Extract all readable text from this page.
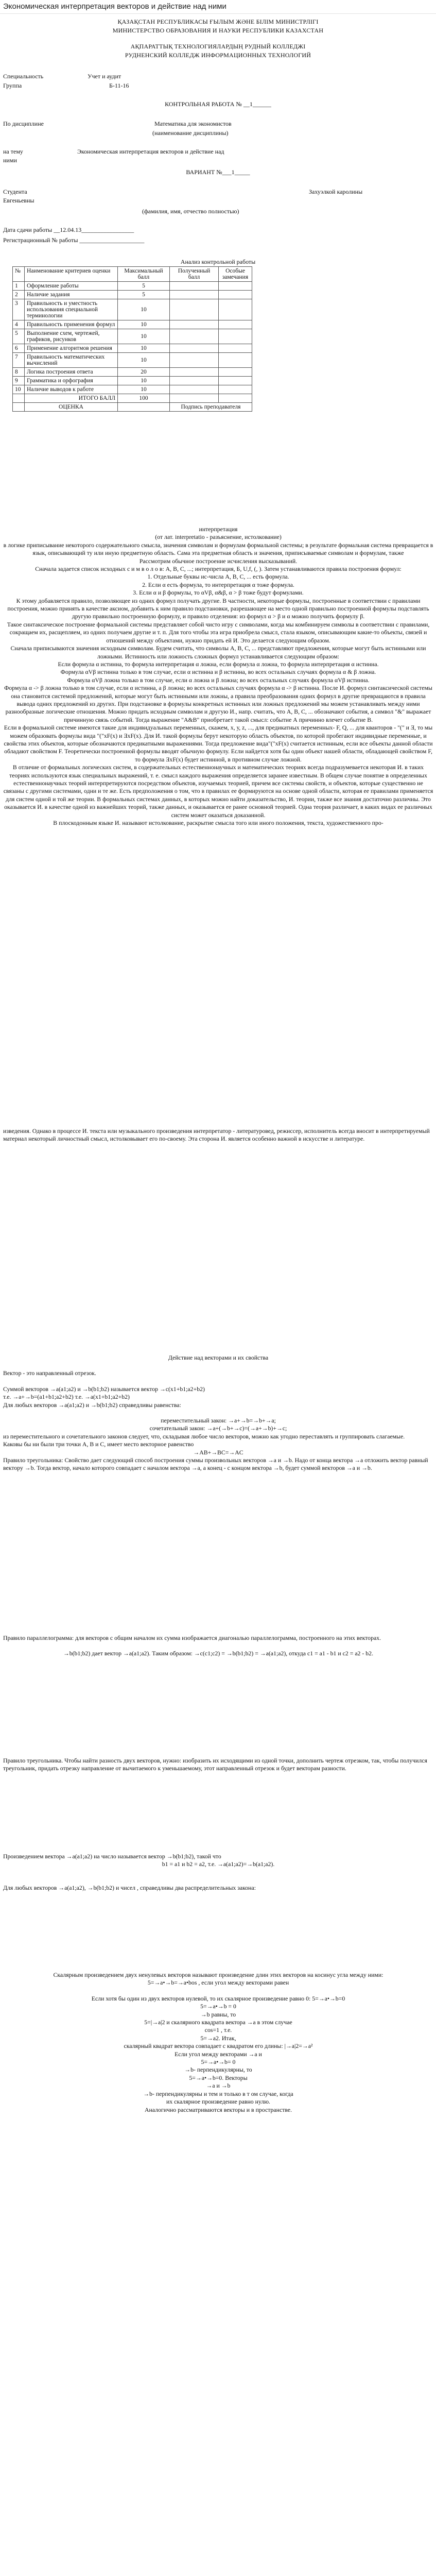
Экономическая интерпретация векторов и действие над ними
ҚАЗАҚСТАН РЕСПУБЛИКАСЫ ҒЫЛЫМ ЖӘНЕ БІЛІМ МИНИСТРЛІГІ
МИНИСТЕРСТВО ОБРАЗОВАНИЯ И НАУКИ РЕСПУБЛИКИ КАЗАХСТАН
АҚПАРАТТЫҚ ТЕХНОЛОГИЯЛАРДЫҢ РУДНЫЙ КОЛЛЕДЖІ
РУДНЕНСКИЙ КОЛЛЕДЖ ИНФОРМАЦИОННЫХ ТЕХНОЛОГИЙ
Специальность	Учет и аудит
Группа	Б-11-16
КОНТРОЛЬНАЯ РАБОТА № __1______
По дисциплине	Математика для экономистов
(наименование дисциплины)
на тему	Экономическая интерпретация векторов и действие над
ними
ВАРИАНТ №___1_____
Студента	Захуэлкой каролины
Евгеньевны
(фамилия, имя, отчество полностью)
Дата сдачи работы __12.04.13_________________
Регистрационный № работы _____________________
Анализ контрольной работы
№	Наименование критериев оценки	Максимальный балл	Полученный балл	Особые замечания
1	Оформление работы	5		
2	Наличие задания	5		
3	Правильность и уместность использования специальной терминологии	10		
4	Правильность применения формул	10		
5	Выполнение схем, чертежей, графиков, рисунков	10		
6	Применение алгоритмов решения	10		
7	Правильность математических вычислений	10		
8	Логика построения ответа	20		
9	Грамматика и орфография	10		
10	Наличие выводов к работе	10		
	ИТОГО БАЛЛ	100		
	ОЦЕНКА		Подпись преподавателя	

интерпретация

(от лат. interpretatio - разъяснение, истолкование)

в логике приписывание некоторого содержательного смысла, значения символам и формулам формальной системы; в результате формальная система превращается в язык, описывающий ту или иную предметную область. Сама эта предметная область и значения, приписываемые символам и формулам, также

Рассмотрим обычное построение исчисления высказываний.

Сначала задается список исходных с и м в о л о в: А, В, С, ...; интерпретация, Б, U,f, (, ). Затем устанавливаются правила построения формул:

1. Отдельные буквы ис-числа А, В, С, ... есть формула.

2. Если α есть формула, то интерпретация α тоже формула.

3. Если α и β формулы, то αVβ, α&β, α > β тоже будут формулами.

К этому добавляется правило, позволяющее из одних формул получать другие. В частности, некоторые формулы, построенные в соответствии с правилами построения, можно принять в качестве аксиом, добавить к ним правило подстановки, разрешающее на место одной правильно построенной формулы подставлять другую правильно построенную формулу, и правило отделения: из формул α > β и α можно получить формулу β.

Такое синтаксическое построение формальной системы представляет собой чисто игру с символами, когда мы комбинируем символы в соответствии с правилами, сокращаем их, расщепляем, из одних получаем другие и т. п. Для того чтобы эта игра приобрела смысл, стала языком, описывающим какие-то объекты, связей и отношений между объектами, нужно придать ей И. Это делается следующим образом.

Сначала приписываются значения исходным символам. Будем считать, что символы А, В, С, ... представляют предложения, которые могут быть истинными или ложными. Истинность или ложность сложных формул устанавливается следующим образом:

Если формула α истинна, то формула интерпретация α ложна, если формула α ложна, то формула интерпретация α истинна.

Формула αVβ истинна только в том случае, если α истинна и β истинна, во всех остальных случаях формула α & β ложна.

Формула αVβ ложна только в том случае, если α ложна и β ложна; во всех остальных случаях формула αVβ истинна.

Формула α -> β ложна только в том случае, если α истинна, а β ложна; во всех остальных случаях формула α -> β истинна. После И. формул синтаксической системы она становится системой предложений, которые могут быть истинными или ложны, а правила преобразования одних формул в другие превращаются в правила вывода одних предложений из других. При подстановке в формулы конкретных истинных или ложных предложений мы можем устанавливать между ними разнообразные логические отношения. Можно придать исходным символам и другую И., напр. считать, что А, В, С, ... обозначают события, а символ "&" выражает причинную связь событий. Тогда выражение "А&В" приобретает такой смысл: событие А причинно влечет событие В.

Если в формальной системе имеются такие для индивидуальных переменных, скажем, х, у, z, ..., для предикатных переменных- F, Q, ... для кванторов - "(" и Ǝ, то мы можем образовать формулы вида "("хF(x) и ƎxF(x). Для И. такой формулы берут некоторую область объектов, по которой пробегают индивидные переменные, и свойства этих объектов, которые обозначаются предикатными выражениями. Тогда предложение вида"("xF(x) считается истинным, если все объекты данной области обладают свойством F. Теоретически построенной формулы вводят обычную формулу. Если найдется хотя бы один объект нашей области, обладающей свойством F, то формула ƎxF(x) будет истинной, в противном случае ложной.

В отличие от формальных логических систем, в содержательных естественнонаучных и математических теориях всегда подразумевается некоторая И. в таких теориях используются язык специальных выражений, т. е. смысл каждого выражения определяется заранее известным. В общем случае понятие в определенных естественнонаучных теорий интерпретируются посредством объектов, изучаемых теорией, причем все системы свойств, и объектов, которые существенно не связаны с другими системами, одни и те же. Есть предположения о том, что в правилах ее формируются на основе одной области, которая ее правилами применяется для систем одной и той же теории. В формальных системах данных, в которых можно найти доказательство, И. теории, также все знания достаточно различны. Это оказывается И. в качестве одной из важнейших теорий, также данных, и оказывается ее ранее основной теорией. Одна теория различает, в каких видах ее различных систем может оказаться доказанной.

В плоскодонным языке И. называют истолкование, раскрытие смысла того или иного положения, текста, художественного про-

изведения. Однако в процессе И. текста или музыкального произведения интерпретатор - литературовед, режиссер, исполнитель всегда вносит в интерпретируемый материал некоторый личностный смысл, истолковывает его по-своему. Эта сторона И. является особенно важной в искусстве и литературе.

Действие над векторами и их свойства

Вектор - это направленный отрезок.

Суммой векторов →a(a1;a2) и →b(b1;b2) называется вектор →c(x1+b1;a2+b2)

т.е. →a+→b=(a1+b1;a2+b2) т.е. →a(x1+b1;a2+b2)

Для любых векторов →a(a1;a2) и →b(b1;b2) справедливы равенства:

переместительный закон: →a+→b=→b+→a;

сочетательный закон: →a+(→b+→c)=(→a+→b)+→c;

из переместительного и сочетательного законов следует, что, складывая любое число векторов, можно как угодно переставлять и группировать слагаемые.

Каковы бы ни были три точки A, B и C, имеет место векторное равенство

→AB+→BC=→AC

Правило треугольника: Свойство дает следующий способ построения суммы произвольных векторов →a и →b. Надо от конца вектора →a отложить вектор равный вектору →b. Тогда вектор, начало которого совпадает с началом вектора →a, а конец - с концом вектора →b, будет суммой векторов →a и →b.

Правило параллелограмма: для векторов с общим началом их сумма изображается диагональю параллелограмма, построенного на этих векторах.

→b(b1;b2) дает вектор →a(a1;a2). Таким образом: →c(c1;c2) = →b(b1;b2) = →a(a1;a2), откуда c1 = a1 - b1 и c2 = a2 - b2.

Правило треугольника. Чтобы найти разность двух векторов, нужно: изобразить их исходящими из одной точки, дополнить чертеж отрезком, так, чтобы получился треугольник, придать отрезку направление от вычитаемого к уменьшаемому, этот направленный отрезок и будет векторам разности.

Произведением вектора →a(a1;a2) на число называется вектор →b(b1;b2), такой что

b1 = a1 и b2 = a2, т.е. →a(a1;a2)=→b(a1;a2).

Для любых векторов →a(a1;a2), →b(b1;b2) и чисел , справедливы два распределительных закона:

Скалярным произведением двух ненулевых векторов называют произведение длин этих векторов на косинус угла между ними:

5=→a•→b=→a•bos , если угол между векторами равен

Если хотя бы один из двух векторов нулевой, то их скалярное произведение равно 0: 5=→a•→b=0

5=→a•→b = 0

→b равны, то

5=|→a|2 и скалярного квадрата вектора →a в этом случае

cos=1 , т.е.

5=→a2. Итак,

скалярный квадрат вектора совпадает с квадратом его длины: |→a|2=→a²

Если угол между векторами →a и

5=→a•→b= 0

→b- перпендикулярны, то

5=→a•→b=0. Векторы

→a и →b

→b- перпендикулярны и тем и только в т ом случае, когда

их скалярное произведение равно нулю.

Аналогично рассматриваются векторы и в пространстве.
